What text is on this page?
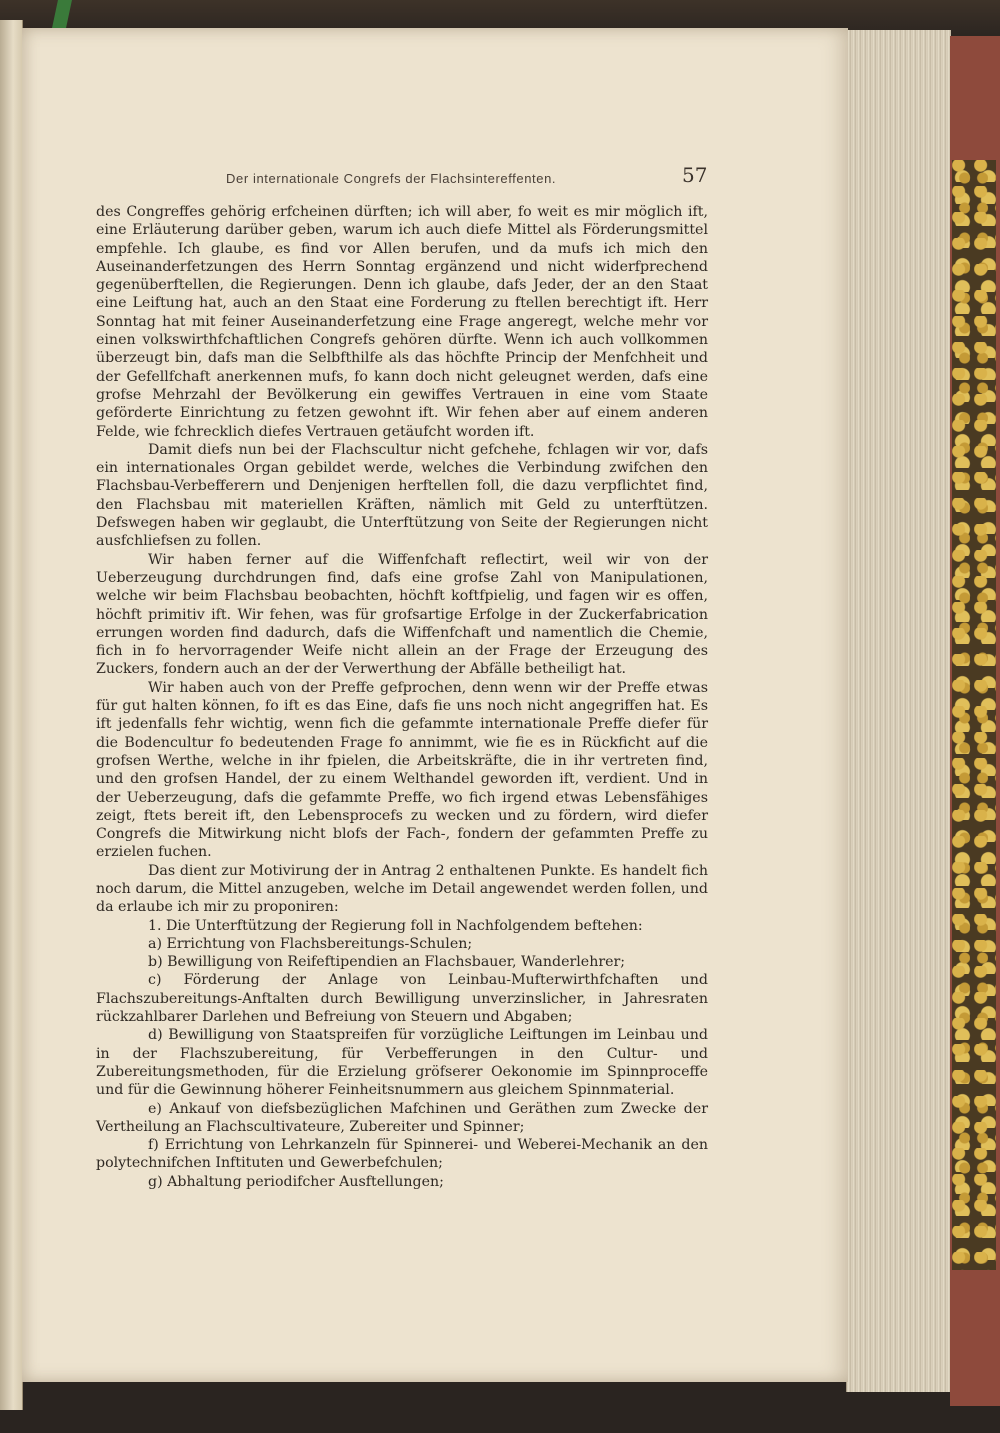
Der internationale Congrefs der Flachsintereffenten.	57

des Congreffes gehörig erfcheinen dürften; ich will aber, fo weit es mir möglich ift, eine Erläuterung darüber geben, warum ich auch diefe Mittel als Förderungsmittel empfehle. Ich glaube, es find vor Allen berufen, und da mufs ich mich den Auseinanderfetzungen des Herrn Sonntag ergänzend und nicht widerfprechend gegenüberftellen, die Regierungen. Denn ich glaube, dafs Jeder, der an den Staat eine Leiftung hat, auch an den Staat eine Forderung zu ftellen berechtigt ift. Herr Sonntag hat mit feiner Auseinanderfetzung eine Frage angeregt, welche mehr vor einen volkswirthfchaftlichen Congrefs gehören dürfte. Wenn ich auch vollkommen überzeugt bin, dafs man die Selbfthilfe als das höchfte Princip der Menfchheit und der Gefellfchaft anerkennen mufs, fo kann doch nicht geleugnet werden, dafs eine grofse Mehrzahl der Bevölkerung ein gewiffes Vertrauen in eine vom Staate geförderte Einrichtung zu fetzen gewohnt ift. Wir fehen aber auf einem anderen Felde, wie fchrecklich diefes Vertrauen getäufcht worden ift.

Damit diefs nun bei der Flachscultur nicht gefchehe, fchlagen wir vor, dafs ein internationales Organ gebildet werde, welches die Verbindung zwifchen den Flachsbau-Verbefferern und Denjenigen herftellen foll, die dazu verpflichtet find, den Flachsbau mit materiellen Kräften, nämlich mit Geld zu unterftützen. Defswegen haben wir geglaubt, die Unterftützung von Seite der Regierungen nicht ausfchliefsen zu follen.

Wir haben ferner auf die Wiffenfchaft reflectirt, weil wir von der Ueberzeugung durchdrungen find, dafs eine grofse Zahl von Manipulationen, welche wir beim Flachsbau beobachten, höchft koftfpielig, und fagen wir es offen, höchft primitiv ift. Wir fehen, was für grofsartige Erfolge in der Zuckerfabrication errungen worden find dadurch, dafs die Wiffenfchaft und namentlich die Chemie, fich in fo hervorragender Weife nicht allein an der Frage der Erzeugung des Zuckers, fondern auch an der der Verwerthung der Abfälle betheiligt hat.

Wir haben auch von der Preffe gefprochen, denn wenn wir der Preffe etwas für gut halten können, fo ift es das Eine, dafs fie uns noch nicht angegriffen hat. Es ift jedenfalls fehr wichtig, wenn fich die gefammte internationale Preffe diefer für die Bodencultur fo bedeutenden Frage fo annimmt, wie fie es in Rückficht auf die grofsen Werthe, welche in ihr fpielen, die Arbeitskräfte, die in ihr vertreten find, und den grofsen Handel, der zu einem Welthandel geworden ift, verdient. Und in der Ueberzeugung, dafs die gefammte Preffe, wo fich irgend etwas Lebensfähiges zeigt, ftets bereit ift, den Lebensprocefs zu wecken und zu fördern, wird diefer Congrefs die Mitwirkung nicht blofs der Fach-, fondern der gefammten Preffe zu erzielen fuchen.

Das dient zur Motivirung der in Antrag 2 enthaltenen Punkte. Es handelt fich noch darum, die Mittel anzugeben, welche im Detail angewendet werden follen, und da erlaube ich mir zu proponiren:

1. Die Unterftützung der Regierung foll in Nachfolgendem beftehen:

a) Errichtung von Flachsbereitungs-Schulen;

b) Bewilligung von Reifeftipendien an Flachsbauer, Wanderlehrer;

c) Förderung der Anlage von Leinbau-Mufterwirthfchaften und Flachszubereitungs-Anftalten durch Bewilligung unverzinslicher, in Jahresraten rückzahlbarer Darlehen und Befreiung von Steuern und Abgaben;

d) Bewilligung von Staatspreifen für vorzügliche Leiftungen im Leinbau und in der Flachszubereitung, für Verbefferungen in den Cultur- und Zubereitungsmethoden, für die Erzielung gröfserer Oekonomie im Spinnproceffe und für die Gewinnung höherer Feinheitsnummern aus gleichem Spinnmaterial.

e) Ankauf von diefsbezüglichen Mafchinen und Geräthen zum Zwecke der Vertheilung an Flachscultivateure, Zubereiter und Spinner;

f) Errichtung von Lehrkanzeln für Spinnerei- und Weberei-Mechanik an den polytechnifchen Inftituten und Gewerbefchulen;

g) Abhaltung periodifcher Ausftellungen;
